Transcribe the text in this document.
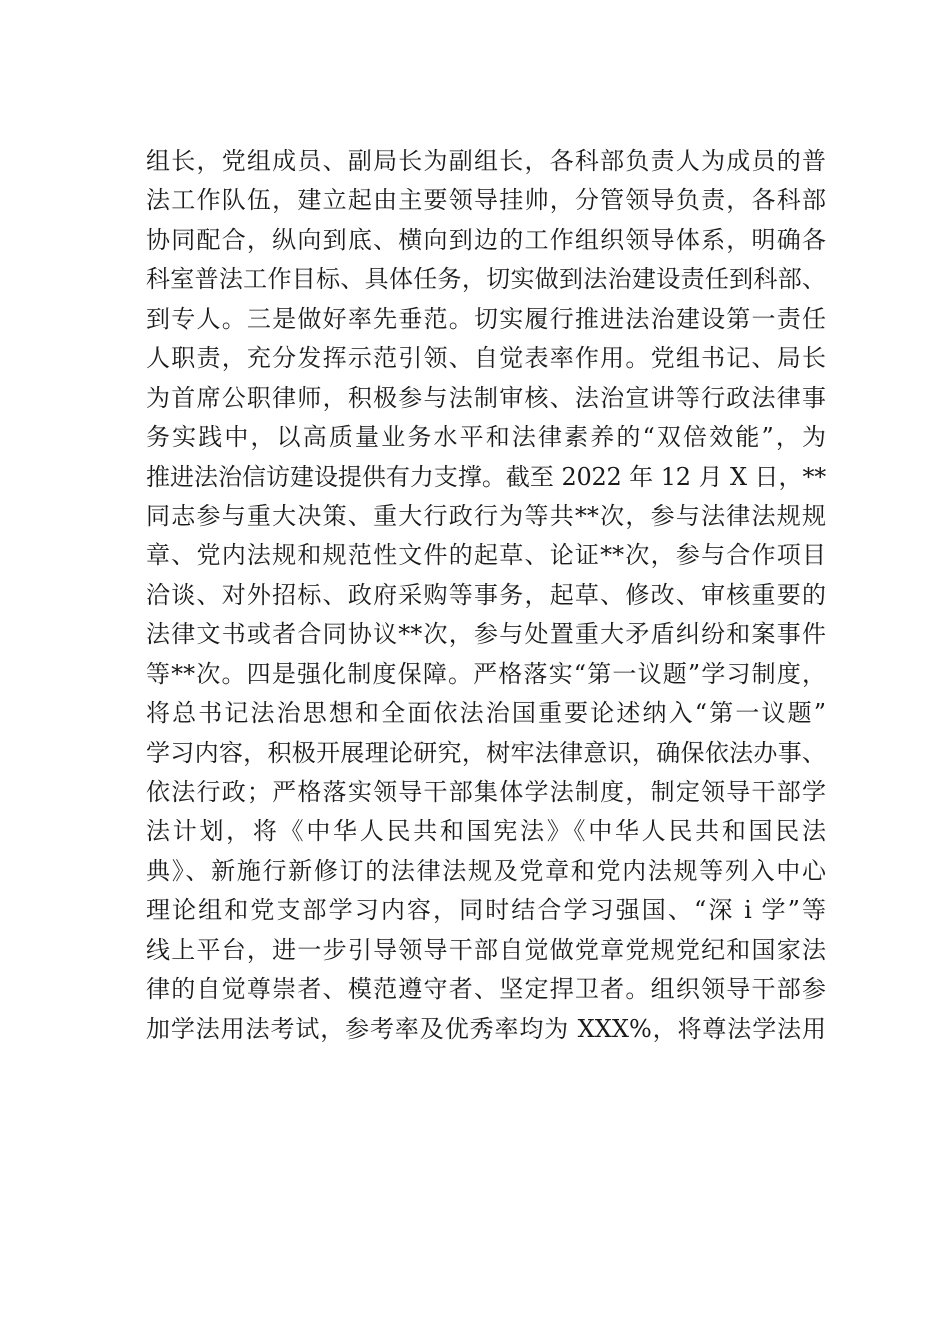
组长，党组成员、副局长为副组长，各科部负责人为成员的普
法工作队伍，建立起由主要领导挂帅，分管领导负责，各科部
协同配合，纵向到底、横向到边的工作组织领导体系，明确各
科室普法工作目标、具体任务，切实做到法治建设责任到科部、
到专人。三是做好率先垂范。切实履行推进法治建设第一责任
人职责，充分发挥示范引领、自觉表率作用。党组书记、局长
为首席公职律师，积极参与法制审核、法治宣讲等行政法律事
务实践中，以高质量业务水平和法律素养的“双倍效能”，为
推进法治信访建设提供有力支撑。截至 2022 年 12 月 X 日，**
同志参与重大决策、重大行政行为等共**次，参与法律法规规
章、党内法规和规范性文件的起草、论证**次，参与合作项目
洽谈、对外招标、政府采购等事务，起草、修改、审核重要的
法律文书或者合同协议**次，参与处置重大矛盾纠纷和案事件
等**次。四是强化制度保障。严格落实“第一议题”学习制度，
将总书记法治思想和全面依法治国重要论述纳入“第一议题”
学习内容，积极开展理论研究，树牢法律意识，确保依法办事、
依法行政；严格落实领导干部集体学法制度，制定领导干部学
法计划，将《中华人民共和国宪法》《中华人民共和国民法
典》、新施行新修订的法律法规及党章和党内法规等列入中心
理论组和党支部学习内容，同时结合学习强国、“深 i 学”等
线上平台，进一步引导领导干部自觉做党章党规党纪和国家法
律的自觉尊崇者、模范遵守者、坚定捍卫者。组织领导干部参
加学法用法考试，参考率及优秀率均为 XXX%，将尊法学法用
